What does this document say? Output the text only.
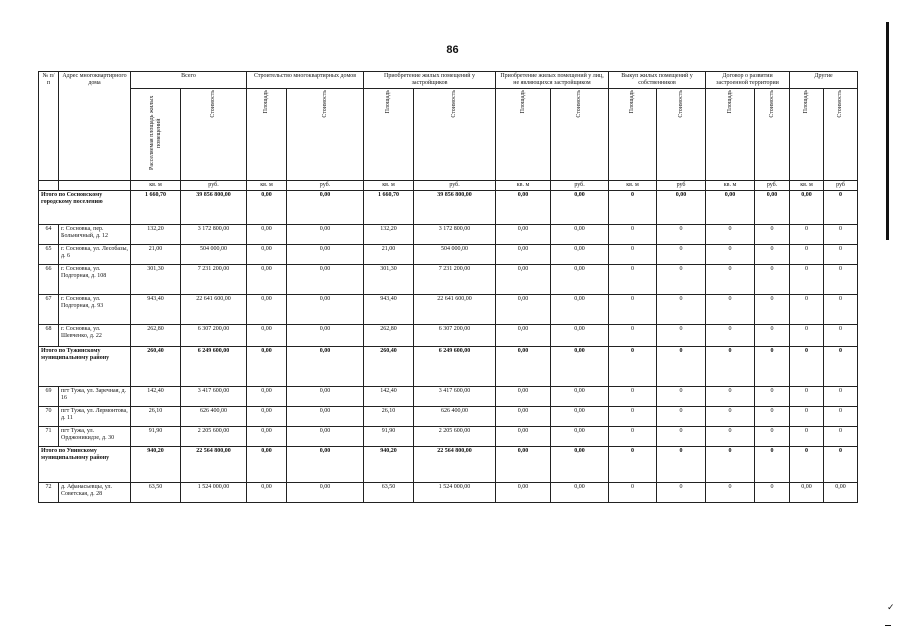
86
✓
№ п/п	Адрес многоквартирного дома	Всего		Строительство многоквартирных домов		Приобретение жилых помещений у застройщиков		Приобретение жилых помещений у лиц, не являющихся застройщиком		Выкуп жилых помещений у собственников		Договор о развитии застроенной территории		Другие	
		Расселяемая площадь жилых помещений	Стоимость	Площадь	Стоимость	Площадь	Стоимость	Площадь	Стоимость	Площадь	Стоимость	Площадь	Стоимость	Площадь	Стоимость
		кв. м	руб.	кв. м	руб.	кв. м	руб.	кв. м	руб.	кв. м	руб	кв. м	руб.	кв. м	руб
Итого по Сосновскому городскому поселению		1 660,70	39 856 800,00	0,00	0,00	1 660,70	39 856 800,00	0,00	0,00	0	0,00	0,00	0,00	0,00	0
64	г. Сосновка, пер. Больничный, д. 12	132,20	3 172 800,00	0,00	0,00	132,20	3 172 800,00	0,00	0,00	0	0	0	0	0	0
65	г. Сосновка, ул. Лесобазы, д. 6	21,00	504 000,00	0,00	0,00	21,00	504 000,00	0,00	0,00	0	0	0	0	0	0
66	г. Сосновка, ул. Подгорная, д. 108	301,30	7 231 200,00	0,00	0,00	301,30	7 231 200,00	0,00	0,00	0	0	0	0	0	0
67	г. Сосновка, ул. Подгорная, д. 93	943,40	22 641 600,00	0,00	0,00	943,40	22 641 600,00	0,00	0,00	0	0	0	0	0	0
68	г. Сосновка, ул. Шевченко, д. 22	262,80	6 307 200,00	0,00	0,00	262,80	6 307 200,00	0,00	0,00	0	0	0	0	0	0
Итого по Тужинскому муниципальному району		260,40	6 249 600,00	0,00	0,00	260,40	6 249 600,00	0,00	0,00	0	0	0	0	0	0
69	пгт Тужа, ул. Заречная, д. 16	142,40	3 417 600,00	0,00	0,00	142,40	3 417 600,00	0,00	0,00	0	0	0	0	0	0
70	пгт Тужа, ул. Лермонтова, д. 11	26,10	626 400,00	0,00	0,00	26,10	626 400,00	0,00	0,00	0	0	0	0	0	0
71	пгт Тужа, ул. Орджоникидзе, д. 30	91,90	2 205 600,00	0,00	0,00	91,90	2 205 600,00	0,00	0,00	0	0	0	0	0	0
Итого по Унинскому муниципальному району		940,20	22 564 800,00	0,00	0,00	940,20	22 564 800,00	0,00	0,00	0	0	0	0	0	0
72	д. Афанасьевцы, ул. Советская, д. 28	63,50	1 524 000,00	0,00	0,00	63,50	1 524 000,00	0,00	0,00	0	0	0	0	0,00	0,00
